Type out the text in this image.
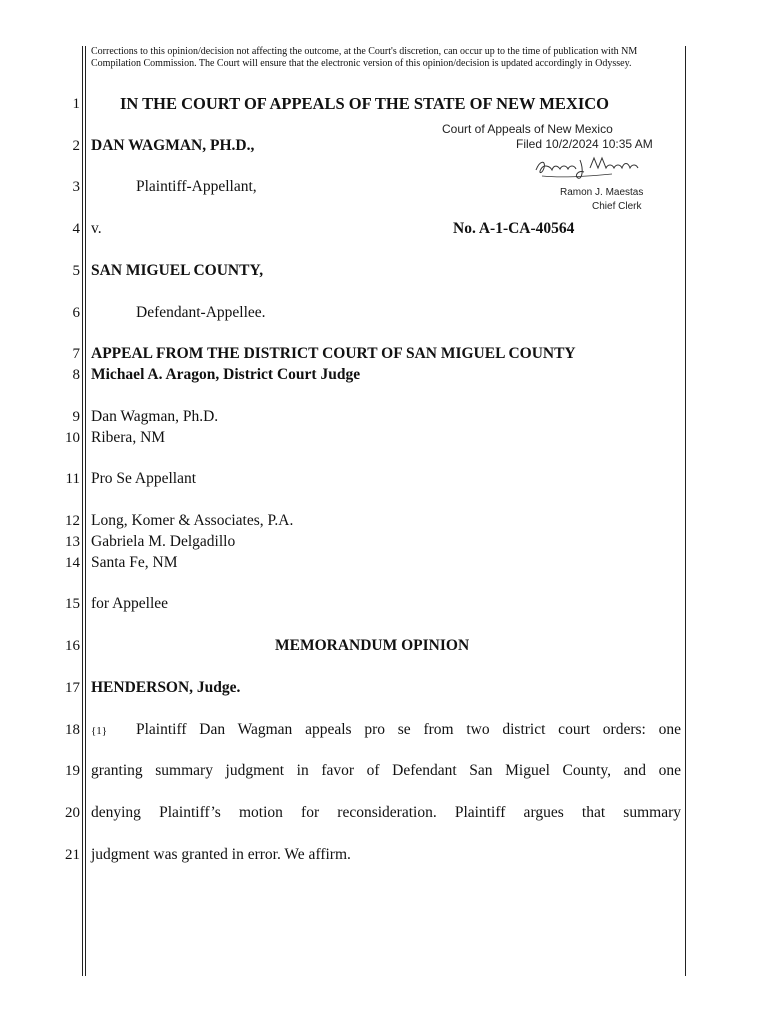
Corrections to this opinion/decision not affecting the outcome, at the Court's discretion, can occur up to the time of publication with NM Compilation Commission. The Court will ensure that the electronic version of this opinion/decision is updated accordingly in Odyssey.
Court of Appeals of New Mexico
Filed 10/2/2024 10:35 AM
Ramon J. Maestas
Chief Clerk
1
2
3
4
5
6
7
8
9
10
11
12
13
14
15
16
17
18
19
20
21
IN THE COURT OF APPEALS OF THE STATE OF NEW MEXICO
DAN WAGMAN, PH.D.,
Plaintiff-Appellant,
v.	No. A-1-CA-40564
SAN MIGUEL COUNTY,
Defendant-Appellee.
APPEAL FROM THE DISTRICT COURT OF SAN MIGUEL COUNTY
Michael A. Aragon, District Court Judge
Dan Wagman, Ph.D.
Ribera, NM
Pro Se Appellant
Long, Komer & Associates, P.A.
Gabriela M. Delgadillo
Santa Fe, NM
for Appellee
MEMORANDUM OPINION
HENDERSON, Judge.
{1} Plaintiff Dan Wagman appeals pro se from two district court orders: one
granting summary judgment in favor of Defendant San Miguel County, and one
denying Plaintiff’s motion for reconsideration. Plaintiff argues that summary
judgment was granted in error. We affirm.
